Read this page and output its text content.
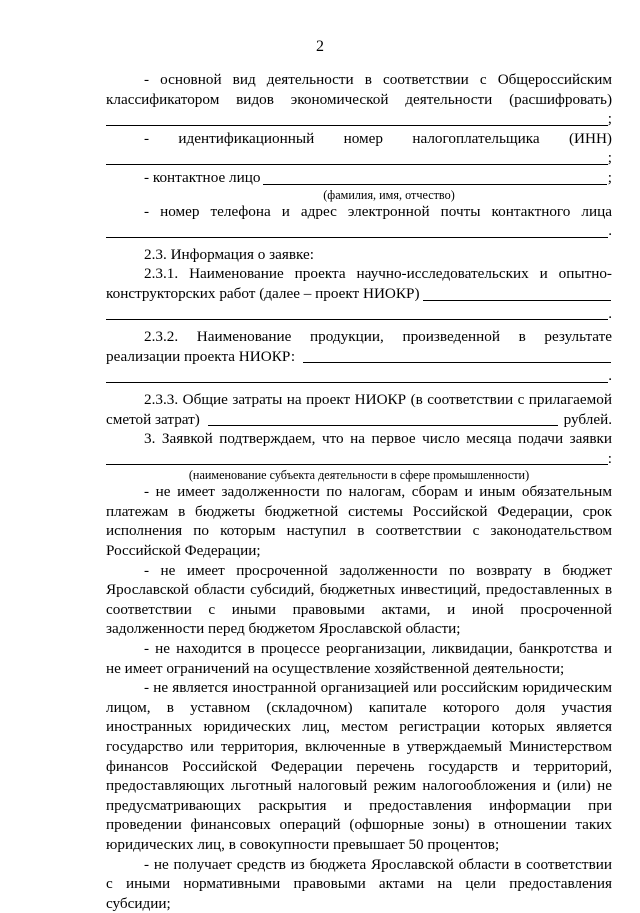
2

- основной вид деятельности в соответствии с Общероссийским

классификатором видов экономической деятельности (расшифровать)

;

- идентификационный номер налогоплательщика (ИНН)

;
- контактное лицо	;
(фамилия, имя, отчество)

- номер телефона и адрес электронной почты контактного лица

.

2.3. Информация о заявке:

2.3.1. Наименование проекта научно-исследовательских и опытно-

конструкторских работ (далее – проект НИОКР)
.

2.3.2. Наименование продукции, произведенной в результате

реализации проекта НИОКР:
.

2.3.3. Общие затраты на проект НИОКР (в соответствии с прилагаемой

сметой затрат)	рублей.

3. Заявкой подтверждаем, что на первое число месяца подачи заявки

:
(наименование субъекта деятельности в сфере промышленности)

- не имеет задолженности по налогам, сборам и иным обязательным платежам в бюджеты бюджетной системы Российской Федерации, срок исполнения по которым наступил в соответствии с законодательством Российской Федерации;

- не имеет просроченной задолженности по возврату в бюджет Ярославской области субсидий, бюджетных инвестиций, предоставленных в соответствии с иными правовыми актами, и иной просроченной задолженности перед бюджетом Ярославской области;

- не находится в процессе реорганизации, ликвидации, банкротства и не имеет ограничений на осуществление хозяйственной деятельности;

- не является иностранной организацией или российским юридическим лицом, в уставном (складочном) капитале которого доля участия иностранных юридических лиц, местом регистрации которых является государство или территория, включенные в утверждаемый Министерством финансов Российской Федерации перечень государств и территорий, предоставляющих льготный налоговый режим налогообложения и (или) не предусматривающих раскрытия и предоставления информации при проведении финансовых операций (офшорные зоны) в отношении таких юридических лиц, в совокупности превышает 50 процентов;

- не получает средств из бюджета Ярославской области в соответствии с иными нормативными правовыми актами на цели предоставления субсидии;
